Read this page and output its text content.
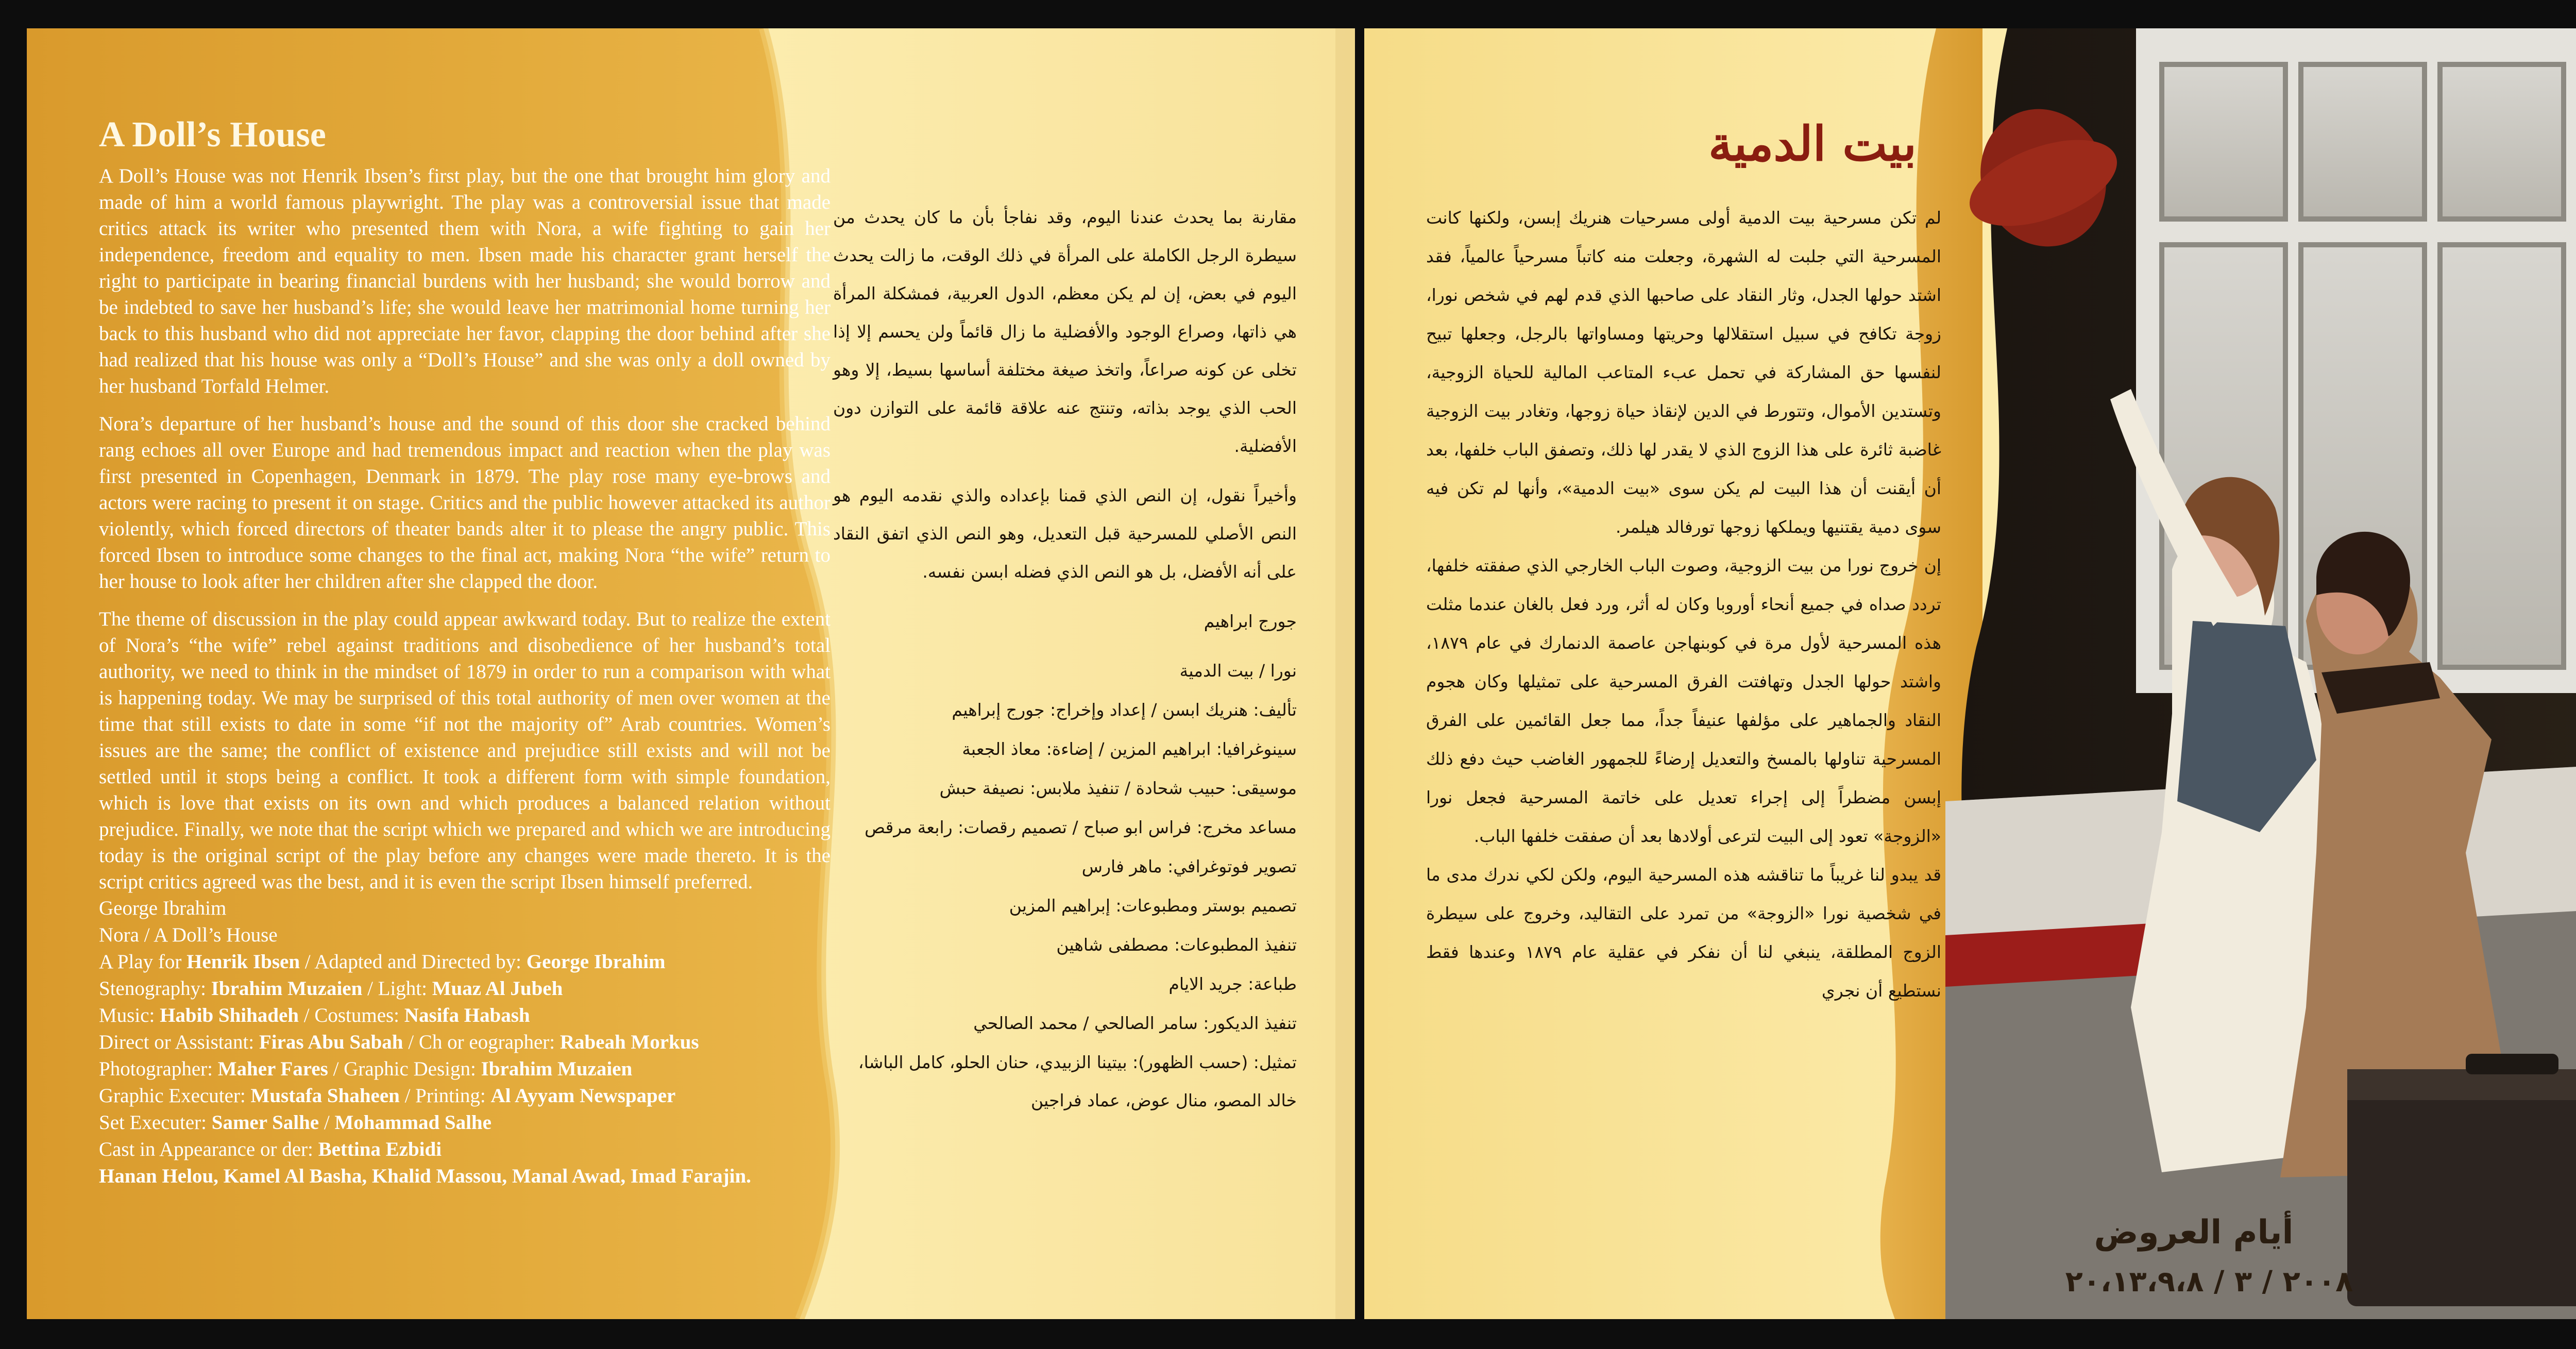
A Doll’s House

A Doll’s House was not Henrik Ibsen’s first play, but the one that brought him glory and made of him a world famous playwright. The play was a controversial issue that made critics attack its writer who presented them with Nora, a wife fighting to gain her independence, freedom and equality to men. Ibsen made his character grant herself the right to participate in bearing financial burdens with her husband; she would borrow and be indebted to save her husband’s life; she would leave her matrimonial home turning her back to this husband who did not appreciate her favor, clapping the door behind after she had realized that his house was only a “Doll’s House” and she was only a doll owned by her husband Torfald Helmer.

Nora’s departure of her husband’s house and the sound of this door she cracked behind rang echoes all over Europe and had tremendous impact and reaction when the play was first presented in Copenhagen, Denmark in 1879. The play rose many eye-brows and actors were racing to present it on stage. Critics and the public however attacked its author violently, which forced directors of theater bands alter it to please the angry public. This forced Ibsen to introduce some changes to the final act, making Nora “the wife” return to her house to look after her children after she clapped the door.

The theme of discussion in the play could appear awkward today. But to realize the extent of Nora’s “the wife” rebel against traditions and disobedience of her husband’s total authority, we need to think in the mindset of 1879 in order to run a comparison with what is happening today. We may be surprised of this total authority of men over women at the time that still exists to date in some “if not the majority of” Arab countries. Women’s issues are the same; the conflict of existence and prejudice still exists and will not be settled until it stops being a conflict. It took a different form with simple foundation, which is love that exists on its own and which produces a balanced relation without prejudice. Finally, we note that the script which we prepared and which we are introducing today is the original script of the play before any changes were made thereto. It is the script critics agreed was the best, and it is even the script Ibsen himself preferred.

George Ibrahim
Nora / A Doll’s House
A Play for Henrik Ibsen / Adapted and Directed by: George Ibrahim
Stenography: Ibrahim Muzaien / Light: Muaz Al Jubeh
Music: Habib Shihadeh / Costumes: Nasifa Habash
Direct or Assistant: Firas Abu Sabah / Ch or eographer: Rabeah Morkus
Photographer: Maher Fares / Graphic Design: Ibrahim Muzaien
Graphic Executer: Mustafa Shaheen / Printing: Al Ayyam Newspaper
Set Executer: Samer Salhe / Mohammad Salhe
Cast in Appearance or der: Bettina Ezbidi
Hanan Helou, Kamel Al Basha, Khalid Massou, Manal Awad, Imad Farajin.

مقارنة بما يحدث عندنا اليوم، وقد نفاجأ بأن ما كان يحدث من سيطرة الرجل الكاملة على المرأة في ذلك الوقت، ما زالت يحدث اليوم في بعض، إن لم يكن معظم، الدول العربية، فمشكلة المرأة هي ذاتها، وصراع الوجود والأفضلية ما زال قائماً ولن يحسم إلا إذا تخلى عن كونه صراعاً، واتخذ صيغة مختلفة أساسها بسيط، إلا وهو الحب الذي يوجد بذاته، وتنتج عنه علاقة قائمة على التوازن دون الأفضلية.

وأخيراً نقول، إن النص الذي قمنا بإعداده والذي نقدمه اليوم هو النص الأصلي للمسرحية قبل التعديل، وهو النص الذي اتفق النقاد على أنه الأفضل، بل هو النص الذي فضله ابسن نفسه.

جورج ابراهيم

نورا / بيت الدمية
تأليف: هنريك ابسن / إعداد وإخراج: جورج إبراهيم
سينوغرافيا: ابراهيم المزين / إضاءة: معاذ الجعبة
موسيقى: حبيب شحادة / تنفيذ ملابس: نصيفة حبش
مساعد مخرج: فراس ابو صباح / تصميم رقصات: رابعة مرقص
تصوير فوتوغرافي: ماهر فارس
تصميم بوستر ومطبوعات: إبراهيم المزين
تنفيذ المطبوعات: مصطفى شاهين
طباعة: جريد الايام
تنفيذ الديكور: سامر الصالحي / محمد الصالحي
تمثيل: (حسب الظهور): بيتينا الزبيدي، حنان الحلو، كامل الباشا، خالد المصو، منال عوض، عماد فراجين
بيت الدمية

لم تكن مسرحية بيت الدمية أولى مسرحيات هنريك إبسن، ولكنها كانت المسرحية التي جلبت له الشهرة، وجعلت منه كاتباً مسرحياً عالمياً، فقد اشتد حولها الجدل، وثار النقاد على صاحبها الذي قدم لهم في شخص نورا، زوجة تكافح في سبيل استقلالها وحريتها ومساواتها بالرجل، وجعلها تبيح لنفسها حق المشاركة في تحمل عبء المتاعب المالية للحياة الزوجية، وتستدين الأموال، وتتورط في الدين لإنقاذ حياة زوجها، وتغادر بيت الزوجية غاضبة ثائرة على هذا الزوج الذي لا يقدر لها ذلك، وتصفق الباب خلفها، بعد أن أيقنت أن هذا البيت لم يكن سوى «بيت الدمية»، وأنها لم تكن فيه سوى دمية يقتنيها ويملكها زوجها تورفالد هيلمر.

إن خروج نورا من بيت الزوجية، وصوت الباب الخارجي الذي صفقته خلفها، تردد صداه في جميع أنحاء أوروبا وكان له أثر، ورد فعل بالغان عندما مثلت هذه المسرحية لأول مرة في كوبنهاجن عاصمة الدنمارك في عام ١٨٧٩، واشتد حولها الجدل وتهافتت الفرق المسرحية على تمثيلها وكان هجوم النقاد والجماهير على مؤلفها عنيفاً جداً، مما جعل القائمين على الفرق المسرحية تناولها بالمسخ والتعديل إرضاءً للجمهور الغاضب حيث دفع ذلك إبسن مضطراً إلى إجراء تعديل على خاتمة المسرحية فجعل نورا «الزوجة» تعود إلى البيت لترعى أولادها بعد أن صفقت خلفها الباب.

قد يبدو لنا غريباً ما تناقشه هذه المسرحية اليوم، ولكن لكي ندرك مدى ما في شخصية نورا «الزوجة» من تمرد على التقاليد، وخروج على سيطرة الزوج المطلقة، ينبغي لنا أن نفكر في عقلية عام ١٨٧٩ وعندها فقط نستطيع أن نجري

أيام العروض
٢٠٠٨ / ٣ / ٢٠،١٣،٩،٨
